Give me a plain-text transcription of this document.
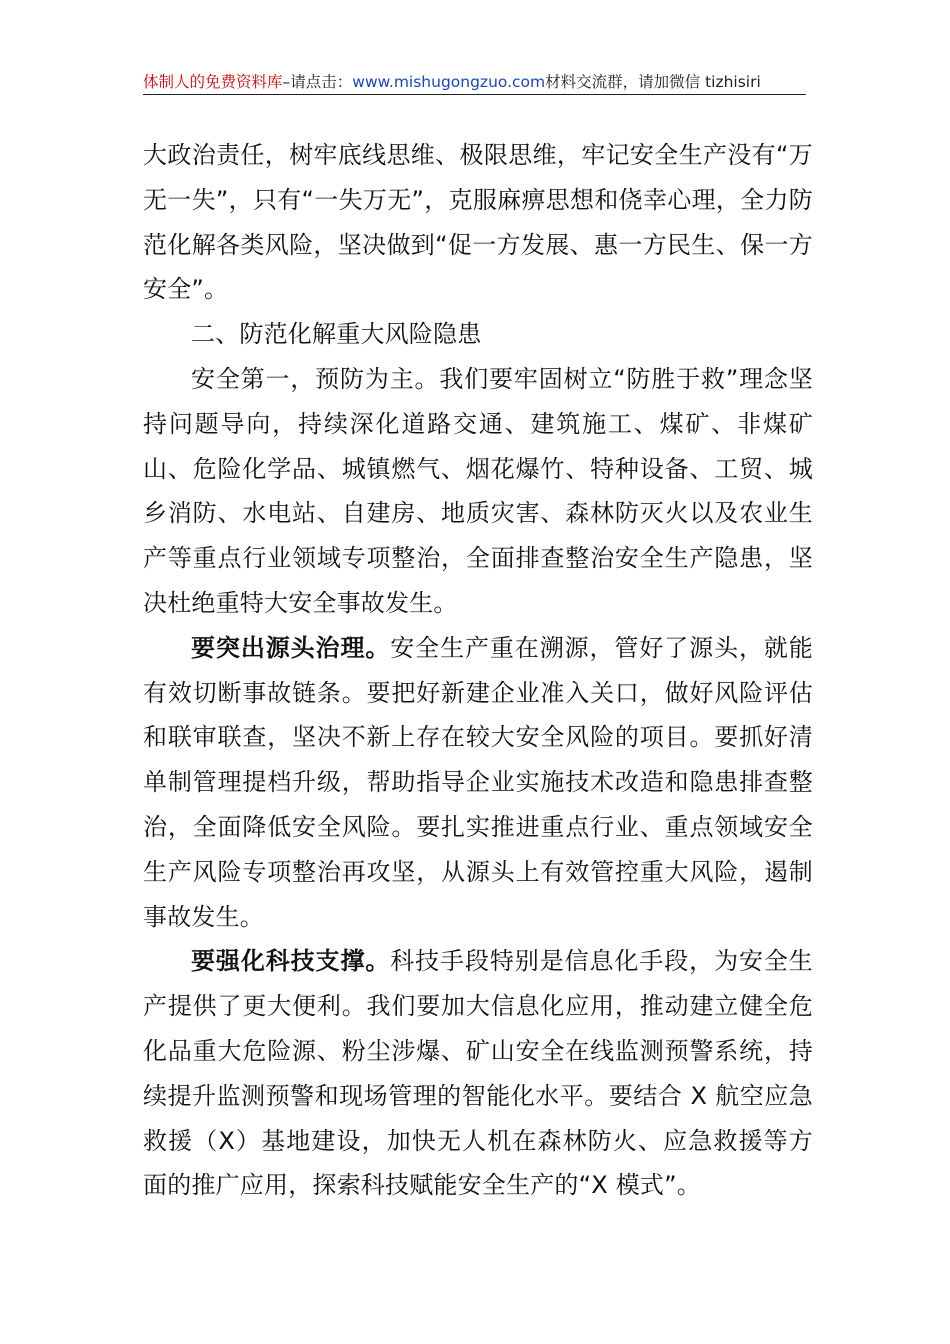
体制人的免费资料库–请点击：www.mishugongzuo.com材料交流群，请加微信 tizhisiri

大政治责任，树牢底线思维、极限思维，牢记安全生产没有“万无一失”，只有“一失万无”，克服麻痹思想和侥幸心理，全力防范化解各类风险，坚决做到“促一方发展、惠一方民生、保一方安全”。

二、防范化解重大风险隐患

安全第一，预防为主。我们要牢固树立“防胜于救”理念坚持问题导向，持续深化道路交通、建筑施工、煤矿、非煤矿山、危险化学品、城镇燃气、烟花爆竹、特种设备、工贸、城乡消防、水电站、自建房、地质灾害、森林防灭火以及农业生产等重点行业领域专项整治，全面排查整治安全生产隐患，坚决杜绝重特大安全事故发生。

要突出源头治理。安全生产重在溯源，管好了源头，就能有效切断事故链条。要把好新建企业准入关口，做好风险评估和联审联查，坚决不新上存在较大安全风险的项目。要抓好清单制管理提档升级，帮助指导企业实施技术改造和隐患排查整治，全面降低安全风险。要扎实推进重点行业、重点领域安全生产风险专项整治再攻坚，从源头上有效管控重大风险，遏制事故发生。

要强化科技支撑。科技手段特别是信息化手段，为安全生产提供了更大便利。我们要加大信息化应用，推动建立健全危化品重大危险源、粉尘涉爆、矿山安全在线监测预警系统，持续提升监测预警和现场管理的智能化水平。要结合 X 航空应急救援（X）基地建设，加快无人机在森林防火、应急救援等方面的推广应用，探索科技赋能安全生产的“X 模式”。
